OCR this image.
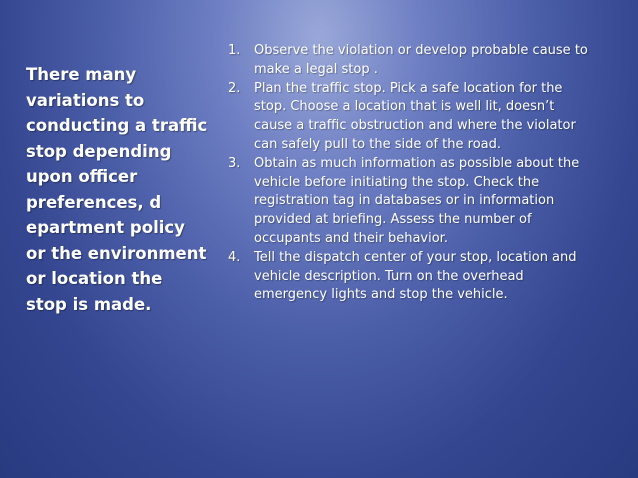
There many variations to conducting a traffic stop depending upon officer preferences, d epartment policy or the environment or location the stop is made.

1. Observe the violation or develop probable cause to make a legal stop .
2. Plan the traffic stop. Pick a safe location for the stop. Choose a location that is well lit, doesn’t cause a traffic obstruction and where the violator can safely pull to the side of the road.
3. Obtain as much information as possible about the vehicle before initiating the stop. Check the registration tag in databases or in information provided at briefing. Assess the number of occupants and their behavior.
4. Tell the dispatch center of your stop, location and vehicle description. Turn on the overhead emergency lights and stop the vehicle.
